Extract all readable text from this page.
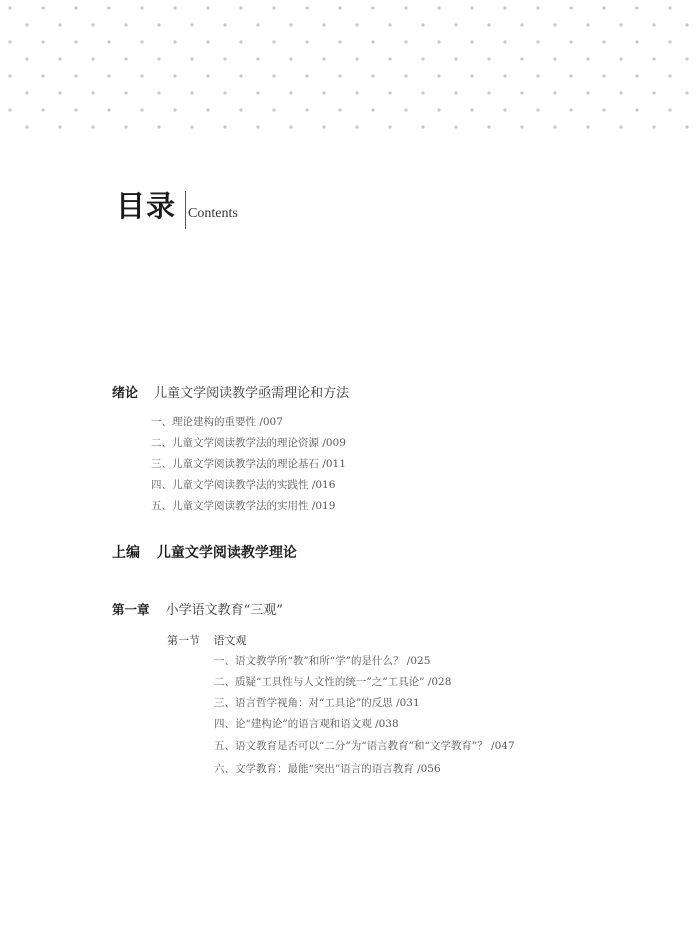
目录 Contents
绪论 儿童文学阅读教学亟需理论和方法
一、理论建构的重要性 /007
二、儿童文学阅读教学法的理论资源 /009
三、儿童文学阅读教学法的理论基石 /011
四、儿童文学阅读教学法的实践性 /016
五、儿童文学阅读教学法的实用性 /019
上编 儿童文学阅读教学理论
第一章 小学语文教育“三观”
第一节 语文观
一、语文教学所“教”和所“学”的是什么？ /025
二、质疑“工具性与人文性的统一”之“工具论” /028
三、语言哲学视角：对“工具论”的反思 /031
四、论“建构论”的语言观和语文观 /038
五、语文教育是否可以“二分”为“语言教育”和“文学教育”？ /047
六、文学教育：最能“突出”语言的语言教育 /056
